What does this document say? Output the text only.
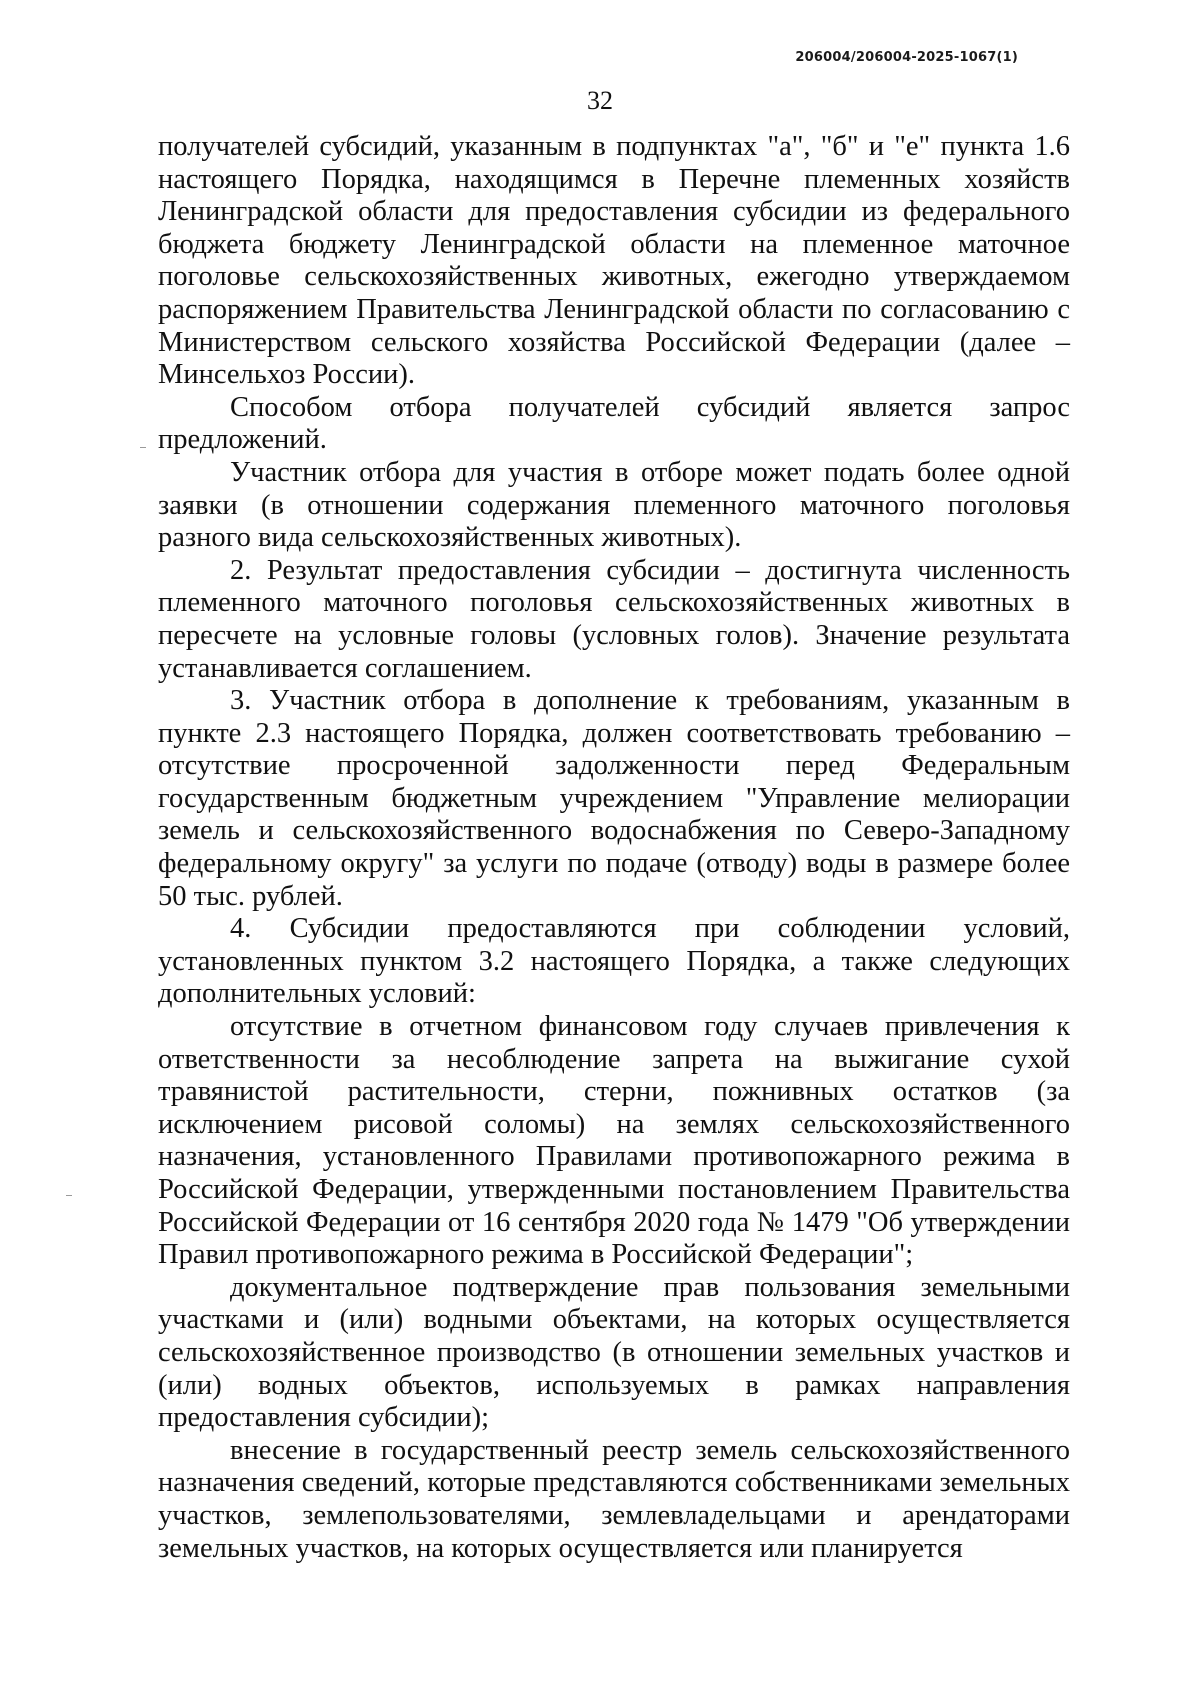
206004/206004-2025-1067(1)
32

получателей субсидий, указанным в подпунктах "а", "б" и "е" пункта 1.6 настоящего Порядка, находящимся в Перечне племенных хозяйств Ленинградской области для предоставления субсидии из федерального бюджета бюджету Ленинградской области на племенное маточное поголовье сельскохозяйственных животных, ежегодно утверждаемом распоряжением Правительства Ленинградской области по согласованию с Министерством сельского хозяйства Российской Федерации (далее – Минсельхоз России).

Способом отбора получателей субсидий является запрос предложений.

Участник отбора для участия в отборе может подать более одной заявки (в отношении содержания племенного маточного поголовья разного вида сельскохозяйственных животных).

2. Результат предоставления субсидии – достигнута численность племенного маточного поголовья сельскохозяйственных животных в пересчете на условные головы (условных голов). Значение результата устанавливается соглашением.

3. Участник отбора в дополнение к требованиям, указанным в пункте 2.3 настоящего Порядка, должен соответствовать требованию – отсутствие просроченной задолженности перед Федеральным государственным бюджетным учреждением "Управление мелиорации земель и сельскохозяйственного водоснабжения по Северо-Западному федеральному округу" за услуги по подаче (отводу) воды в размере более 50 тыс. рублей.

4. Субсидии предоставляются при соблюдении условий, установленных пунктом 3.2 настоящего Порядка, а также следующих дополнительных условий:

отсутствие в отчетном финансовом году случаев привлечения к ответственности за несоблюдение запрета на выжигание сухой травянистой растительности, стерни, пожнивных остатков (за исключением рисовой соломы) на землях сельскохозяйственного назначения, установленного Правилами противопожарного режима в Российской Федерации, утвержденными постановлением Правительства Российской Федерации от 16 сентября 2020 года № 1479 "Об утверждении Правил противопожарного режима в Российской Федерации";

документальное подтверждение прав пользования земельными участками и (или) водными объектами, на которых осуществляется сельскохозяйственное производство (в отношении земельных участков и (или) водных объектов, используемых в рамках направления предоставления субсидии);

внесение в государственный реестр земель сельскохозяйственного назначения сведений, которые представляются собственниками земельных участков, землепользователями, землевладельцами и арендаторами земельных участков, на которых осуществляется или планируется
